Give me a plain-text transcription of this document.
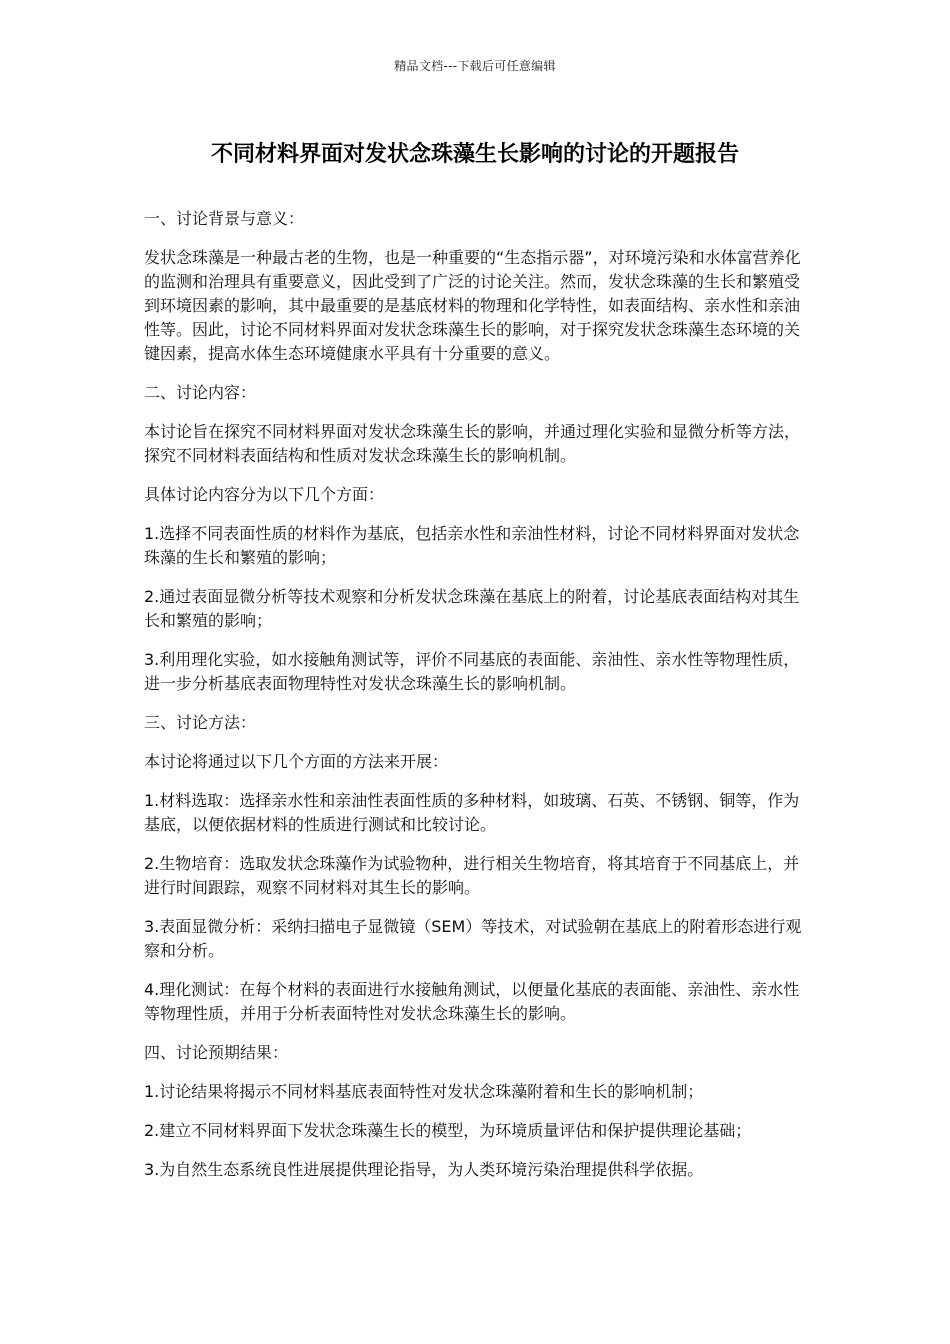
精品文档---下载后可任意编辑
不同材料界面对发状念珠藻生长影响的讨论的开题报告

一、讨论背景与意义：

发状念珠藻是一种最古老的生物，也是一种重要的“生态指示器”，对环境污染和水体富营养化的监测和治理具有重要意义，因此受到了广泛的讨论关注。然而，发状念珠藻的生长和繁殖受到环境因素的影响，其中最重要的是基底材料的物理和化学特性，如表面结构、亲水性和亲油性等。因此，讨论不同材料界面对发状念珠藻生长的影响，对于探究发状念珠藻生态环境的关键因素，提高水体生态环境健康水平具有十分重要的意义。

二、讨论内容：

本讨论旨在探究不同材料界面对发状念珠藻生长的影响，并通过理化实验和显微分析等方法，探究不同材料表面结构和性质对发状念珠藻生长的影响机制。

具体讨论内容分为以下几个方面：

1.选择不同表面性质的材料作为基底，包括亲水性和亲油性材料，讨论不同材料界面对发状念珠藻的生长和繁殖的影响；

2.通过表面显微分析等技术观察和分析发状念珠藻在基底上的附着，讨论基底表面结构对其生长和繁殖的影响；

3.利用理化实验，如水接触角测试等，评价不同基底的表面能、亲油性、亲水性等物理性质，进一步分析基底表面物理特性对发状念珠藻生长的影响机制。

三、讨论方法：

本讨论将通过以下几个方面的方法来开展：

1.材料选取：选择亲水性和亲油性表面性质的多种材料，如玻璃、石英、不锈钢、铜等，作为基底，以便依据材料的性质进行测试和比较讨论。

2.生物培育：选取发状念珠藻作为试验物种，进行相关生物培育，将其培育于不同基底上，并进行时间跟踪，观察不同材料对其生长的影响。

3.表面显微分析：采纳扫描电子显微镜（SEM）等技术，对试验朝在基底上的附着形态进行观察和分析。

4.理化测试：在每个材料的表面进行水接触角测试，以便量化基底的表面能、亲油性、亲水性等物理性质，并用于分析表面特性对发状念珠藻生长的影响。

四、讨论预期结果：

1.讨论结果将揭示不同材料基底表面特性对发状念珠藻附着和生长的影响机制；

2.建立不同材料界面下发状念珠藻生长的模型，为环境质量评估和保护提供理论基础；

3.为自然生态系统良性进展提供理论指导，为人类环境污染治理提供科学依据。
